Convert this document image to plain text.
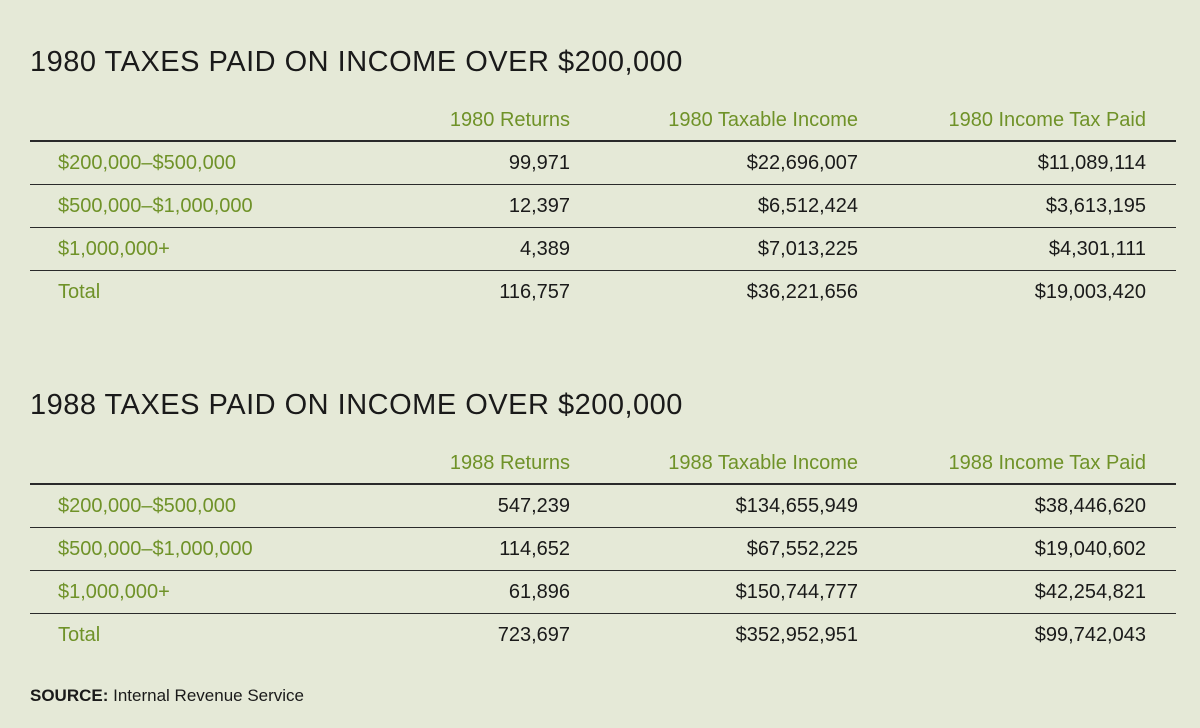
1980 TAXES PAID ON INCOME OVER $200,000
	1980 Returns	1980 Taxable Income	1980 Income Tax Paid
$200,000–$500,000	99,971	$22,696,007	$11,089,114
$500,000–$1,000,000	12,397	$6,512,424	$3,613,195
$1,000,000+	4,389	$7,013,225	$4,301,111
Total	116,757	$36,221,656	$19,003,420
1988 TAXES PAID ON INCOME OVER $200,000
	1988 Returns	1988 Taxable Income	1988 Income Tax Paid
$200,000–$500,000	547,239	$134,655,949	$38,446,620
$500,000–$1,000,000	114,652	$67,552,225	$19,040,602
$1,000,000+	61,896	$150,744,777	$42,254,821
Total	723,697	$352,952,951	$99,742,043
SOURCE: Internal Revenue Service
